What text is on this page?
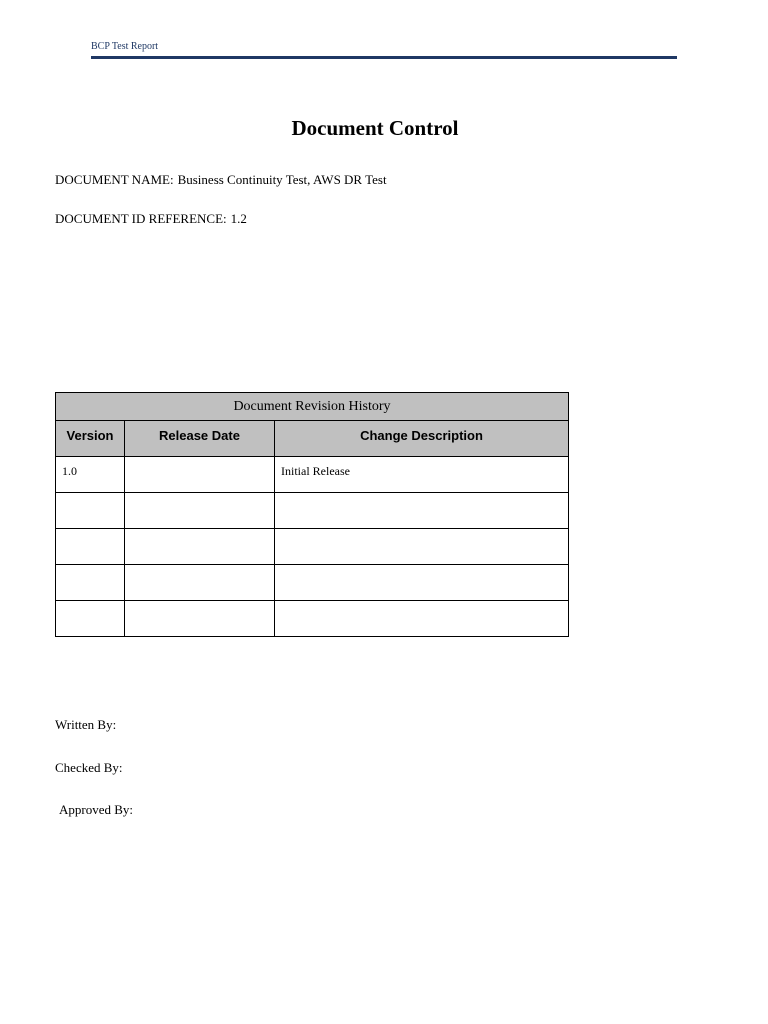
BCP Test Report
Document Control
DOCUMENT NAME: Business Continuity Test, AWS DR Test
DOCUMENT ID REFERENCE: 1.2
Document Revision History		
Version	Release Date	Change Description
1.0		Initial Release

Written By:
Checked By:
Approved By:
